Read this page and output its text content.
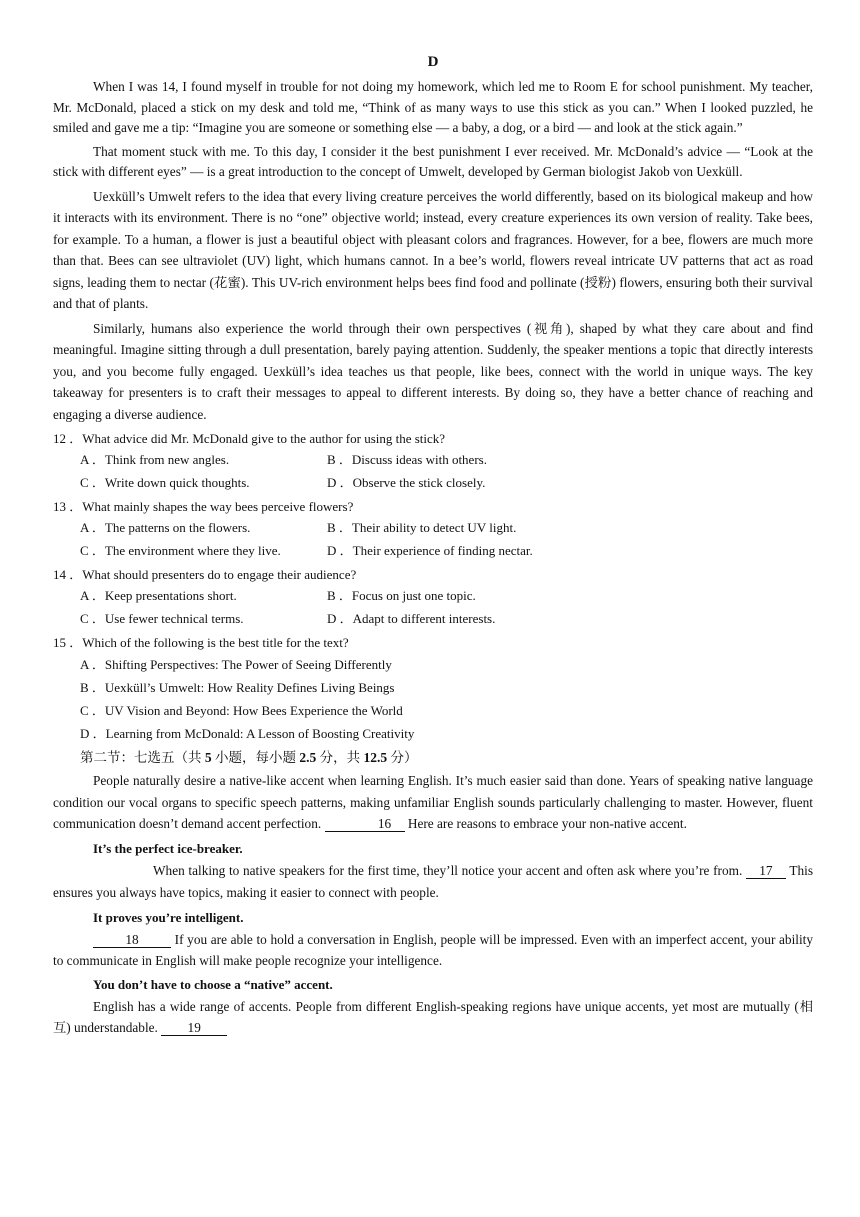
D

When I was 14, I found myself in trouble for not doing my homework, which led me to Room E for school punishment. My teacher, Mr. McDonald, placed a stick on my desk and told me, “Think of as many ways to use this stick as you can.” When I looked puzzled, he smiled and gave me a tip: “Imagine you are someone or something else — a baby, a dog, or a bird — and look at the stick again.”

That moment stuck with me. To this day, I consider it the best punishment I ever received. Mr. McDonald’s advice — “Look at the stick with different eyes” — is a great introduction to the concept of Umwelt, developed by German biologist Jakob von Uexküll.

Uexküll’s Umwelt refers to the idea that every living creature perceives the world differently, based on its biological makeup and how it interacts with its environment. There is no “one” objective world; instead, every creature experiences its own version of reality. Take bees, for example. To a human, a flower is just a beautiful object with pleasant colors and fragrances. However, for a bee, flowers are much more than that. Bees can see ultraviolet (UV) light, which humans cannot. In a bee’s world, flowers reveal intricate UV patterns that act as road signs, leading them to nectar (花蜜). This UV-rich environment helps bees find food and pollinate (授粉) flowers, ensuring both their survival and that of plants.

Similarly, humans also experience the world through their own perspectives (视角), shaped by what they care about and find meaningful. Imagine sitting through a dull presentation, barely paying attention. Suddenly, the speaker mentions a topic that directly interests you, and you become fully engaged. Uexküll’s idea teaches us that people, like bees, connect with the world in unique ways. The key takeaway for presenters is to craft their messages to appeal to different interests. By doing so, they have a better chance of reaching and engaging a diverse audience.

12 ．What advice did Mr. McDonald give to the author for using the stick?
A ．Think from new angles.	B ．Discuss ideas with others.
C ．Write down quick thoughts.	D ．Observe the stick closely.
13 ．What mainly shapes the way bees perceive flowers?
A ．The patterns on the flowers.	B ．Their ability to detect UV light.
C ．The environment where they live.	D ．Their experience of finding nectar.
14 ．What should presenters do to engage their audience?
A ．Keep presentations short.	B ．Focus on just one topic.
C ．Use fewer technical terms.	D ．Adapt to different interests.
15 ．Which of the following is the best title for the text?
A ．Shifting Perspectives: The Power of Seeing Differently
B ．Uexküll’s Umwelt: How Reality Defines Living Beings
C ．UV Vision and Beyond: How Bees Experience the World
D ．Learning from McDonald: A Lesson of Boosting Creativity
第二节：七选五（共 5 小题，每小题 2.5 分，共 12.5 分）

People naturally desire a native-like accent when learning English. It’s much easier said than done. Years of speaking native language condition our vocal organs to specific speech patterns, making unfamiliar English sounds particularly challenging to master. However, fluent communication doesn’t demand accent perfection.	16 Here are reasons to embrace your non-native accent.

It’s the perfect ice-breaker.

When talking to native speakers for the first time, they’ll notice your accent and often ask where you’re from. 17 This ensures you always have topics, making it easier to connect with people.

It proves you’re intelligent.

18	If you are able to hold a conversation in English, people will be impressed. Even with an imperfect accent, your ability to communicate in English will make people recognize your intelligence.

You don’t have to choose a “native” accent.

English has a wide range of accents. People from different English-speaking regions have unique accents, yet most are mutually (相互) understandable. 19
